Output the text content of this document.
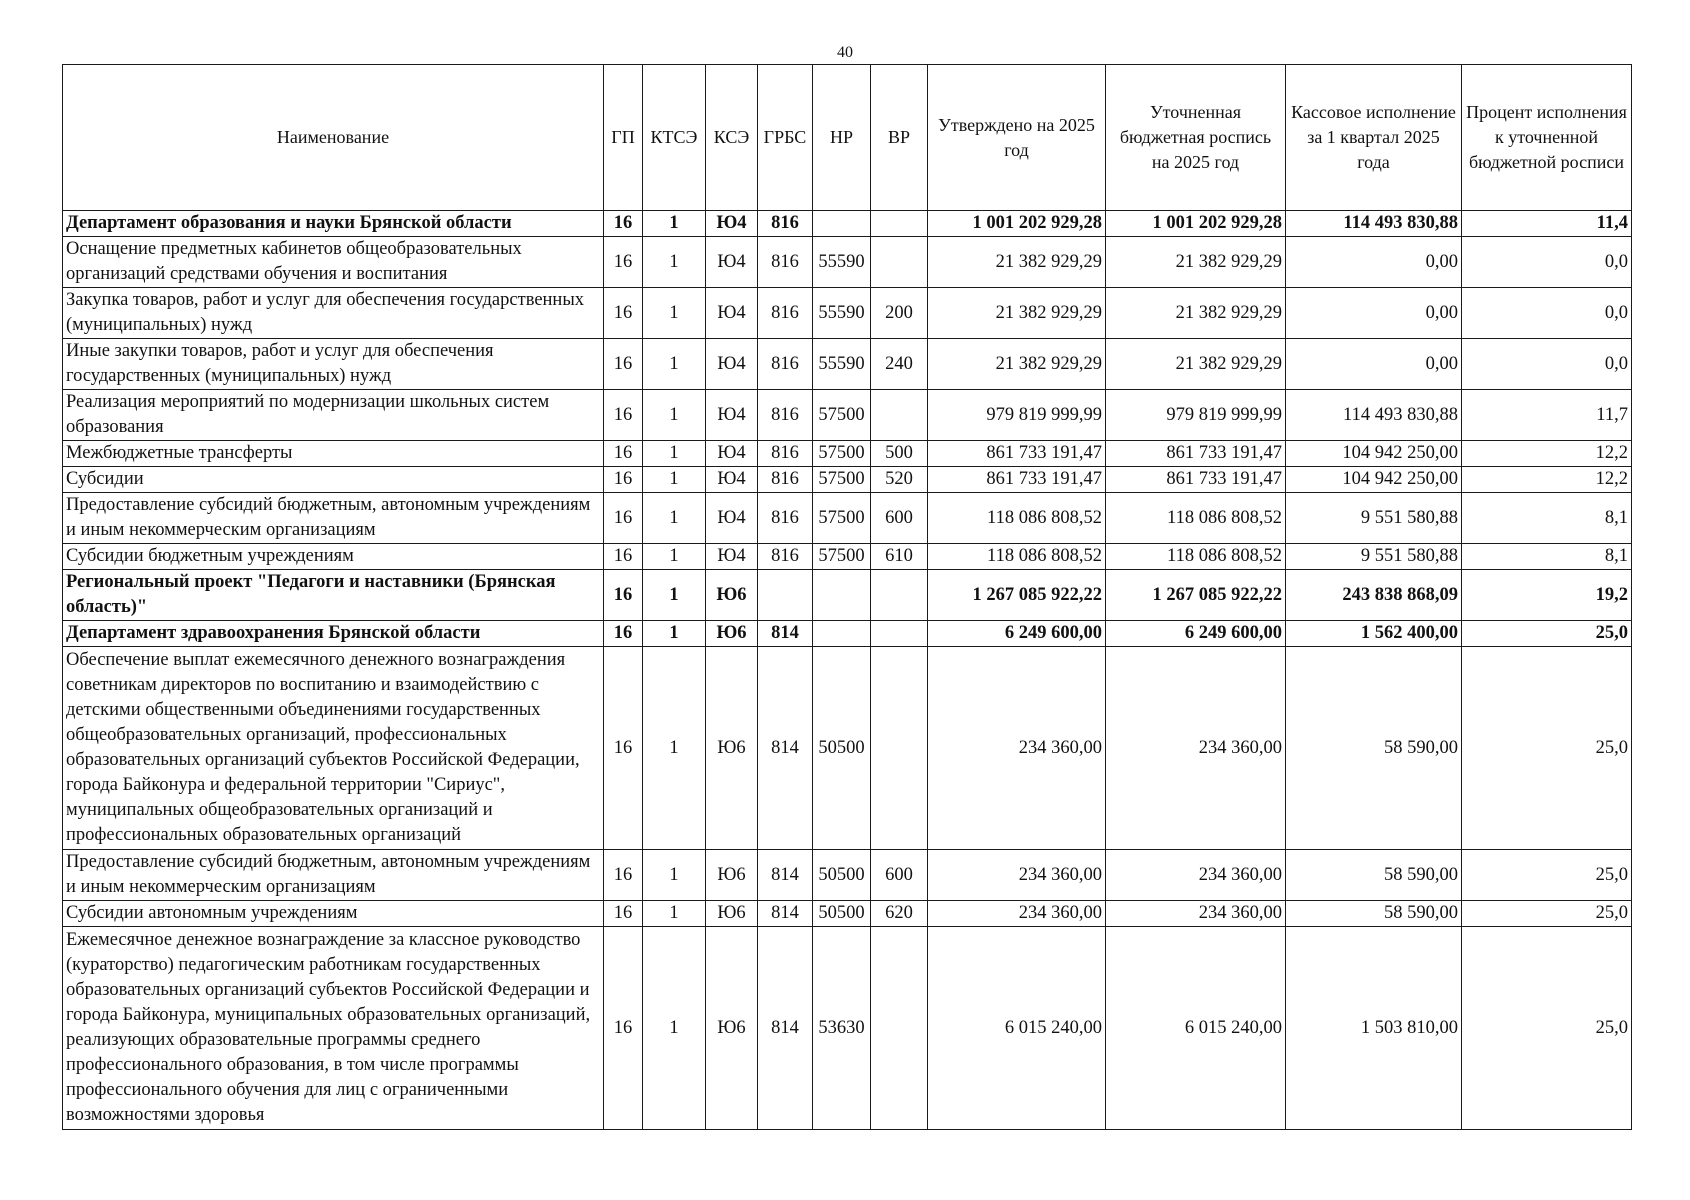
40
Наименование	ГП	КТСЭ	КСЭ	ГРБС	НР	ВР	Утверждено на 2025 год	Уточненная бюджетная роспись на 2025 год	Кассовое исполнение за 1 квартал 2025 года	Процент исполнения к уточненной бюджетной росписи
Департамент образования и науки Брянской области	16	1	Ю4	816			1 001 202 929,28	1 001 202 929,28	114 493 830,88	11,4
Оснащение предметных кабинетов общеобразовательных организаций средствами обучения и воспитания	16	1	Ю4	816	55590		21 382 929,29	21 382 929,29	0,00	0,0
Закупка товаров, работ и услуг для обеспечения государственных (муниципальных) нужд	16	1	Ю4	816	55590	200	21 382 929,29	21 382 929,29	0,00	0,0
Иные закупки товаров, работ и услуг для обеспечения государственных (муниципальных) нужд	16	1	Ю4	816	55590	240	21 382 929,29	21 382 929,29	0,00	0,0
Реализация мероприятий по модернизации школьных систем образования	16	1	Ю4	816	57500		979 819 999,99	979 819 999,99	114 493 830,88	11,7
Межбюджетные трансферты	16	1	Ю4	816	57500	500	861 733 191,47	861 733 191,47	104 942 250,00	12,2
Субсидии	16	1	Ю4	816	57500	520	861 733 191,47	861 733 191,47	104 942 250,00	12,2
Предоставление субсидий бюджетным, автономным учреждениям и иным некоммерческим организациям	16	1	Ю4	816	57500	600	118 086 808,52	118 086 808,52	9 551 580,88	8,1
Субсидии бюджетным учреждениям	16	1	Ю4	816	57500	610	118 086 808,52	118 086 808,52	9 551 580,88	8,1
Региональный проект "Педагоги и наставники (Брянская область)"	16	1	Ю6				1 267 085 922,22	1 267 085 922,22	243 838 868,09	19,2
Департамент здравоохранения Брянской области	16	1	Ю6	814			6 249 600,00	6 249 600,00	1 562 400,00	25,0
Обеспечение выплат ежемесячного денежного вознаграждения советникам директоров по воспитанию и взаимодействию с детскими общественными объединениями государственных общеобразовательных организаций, профессиональных образовательных организаций субъектов Российской Федерации, города Байконура и федеральной территории "Сириус", муниципальных общеобразовательных организаций и профессиональных образовательных организаций	16	1	Ю6	814	50500		234 360,00	234 360,00	58 590,00	25,0
Предоставление субсидий бюджетным, автономным учреждениям и иным некоммерческим организациям	16	1	Ю6	814	50500	600	234 360,00	234 360,00	58 590,00	25,0
Субсидии автономным учреждениям	16	1	Ю6	814	50500	620	234 360,00	234 360,00	58 590,00	25,0
Ежемесячное денежное вознаграждение за классное руководство (кураторство) педагогическим работникам государственных образовательных организаций субъектов Российской Федерации и города Байконура, муниципальных образовательных организаций, реализующих образовательные программы среднего профессионального образования, в том числе программы профессионального обучения для лиц с ограниченными возможностями здоровья	16	1	Ю6	814	53630		6 015 240,00	6 015 240,00	1 503 810,00	25,0
